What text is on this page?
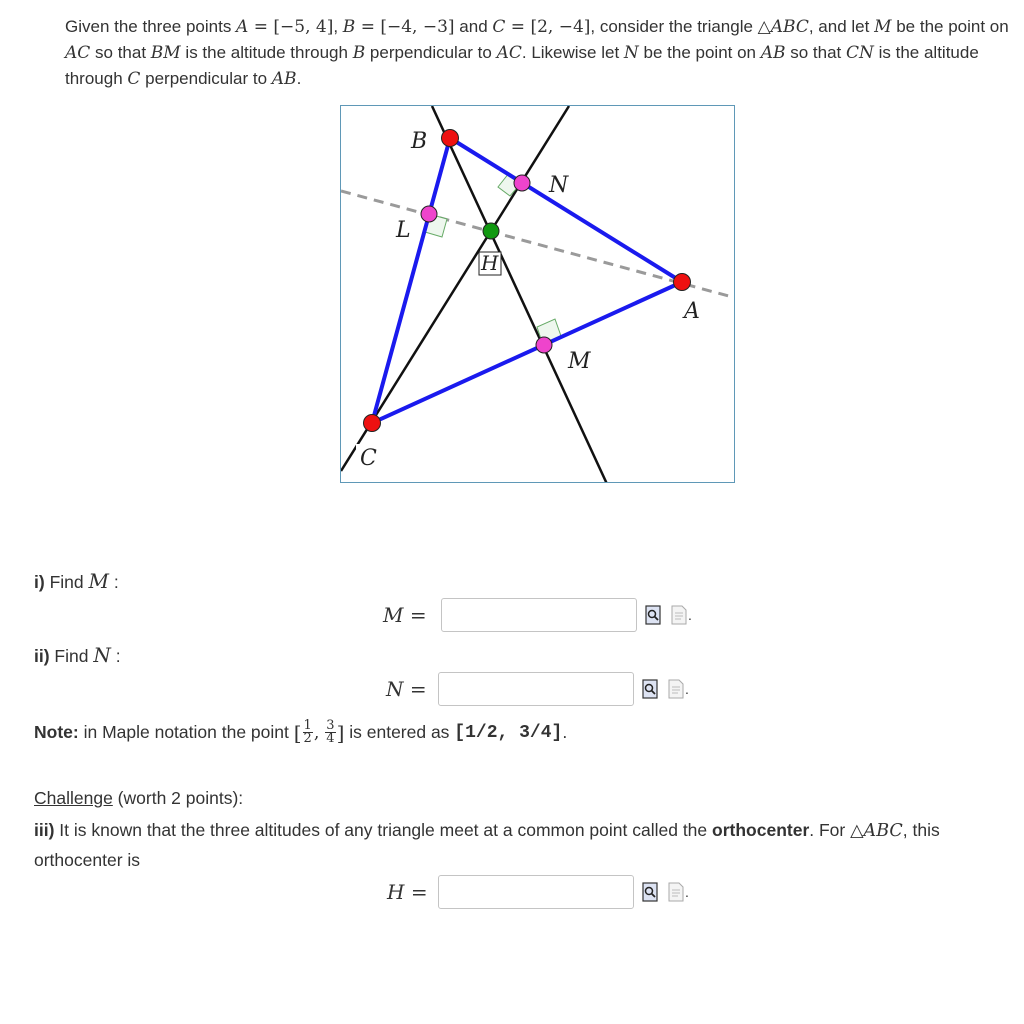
Given the three points A = [−5, 4], B = [−4, −3] and C = [2, −4], consider the triangle △ABC, and let M be the point on AC so that BM is the altitude through B perpendicular to AC. Likewise let N be the point on AB so that CN is the altitude through C perpendicular to AB.
B
N
L
H
A
M
C
i) Find M :
M =	.
ii) Find N :
N =	.
Note: in Maple notation the point [ $\frac{1}{2}$ ,
$\frac{3}{4}$ ] is entered as [1/2, 3/4] .
Challenge (worth 2 points):
iii) It is known that the three altitudes of any triangle meet at a common point called the orthocenter. For △ABC, this orthocenter is
H =	.
